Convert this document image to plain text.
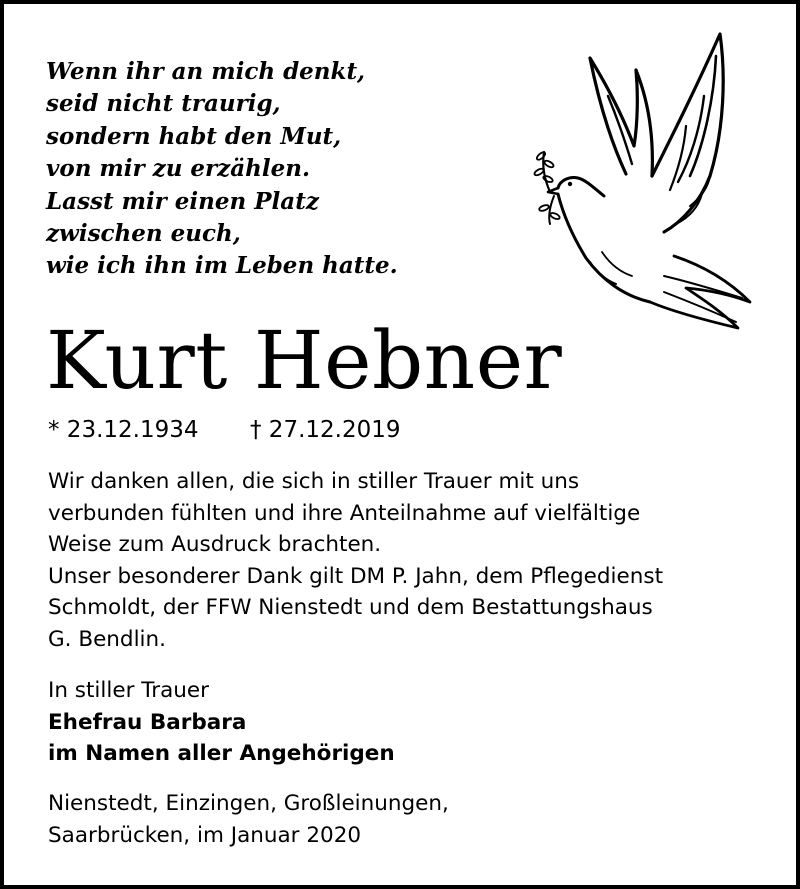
Wenn ihr an mich denkt,
seid nicht traurig,
sondern habt den Mut,
von mir zu erzählen.
Lasst mir einen Platz
zwischen euch,
wie ich ihn im Leben hatte.
Kurt Hebner
* 23.12.1934 † 27.12.2019
Wir danken allen, die sich in stiller Trauer mit uns
verbunden fühlten und ihre Anteilnahme auf vielfältige
Weise zum Ausdruck brachten.
Unser besonderer Dank gilt DM P. Jahn, dem Pflegedienst
Schmoldt, der FFW Nienstedt und dem Bestattungshaus
G. Bendlin.
In stiller Trauer
Ehefrau Barbara
im Namen aller Angehörigen
Nienstedt, Einzingen, Großleinungen,
Saarbrücken, im Januar 2020
